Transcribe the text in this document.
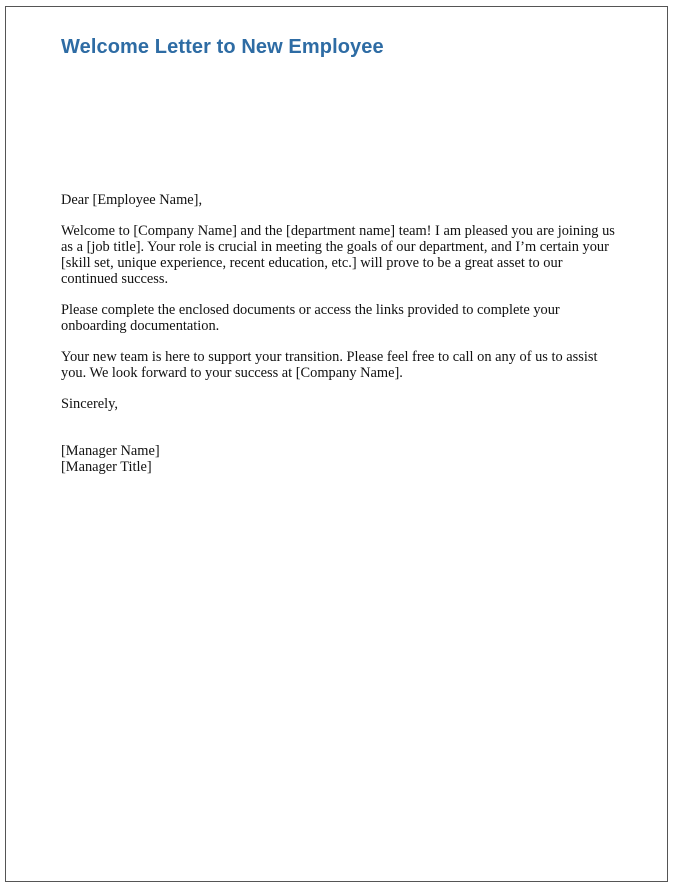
Welcome Letter to New Employee

Dear [Employee Name],

Welcome to [Company Name] and the [department name] team! I am pleased you are joining us as a [job title]. Your role is crucial in meeting the goals of our department, and I’m certain your [skill set, unique experience, recent education, etc.] will prove to be a great asset to our continued success.

Please complete the enclosed documents or access the links provided to complete your onboarding documentation.

Your new team is here to support your transition. Please feel free to call on any of us to assist you. We look forward to your success at [Company Name].

Sincerely,

[Manager Name]
[Manager Title]
